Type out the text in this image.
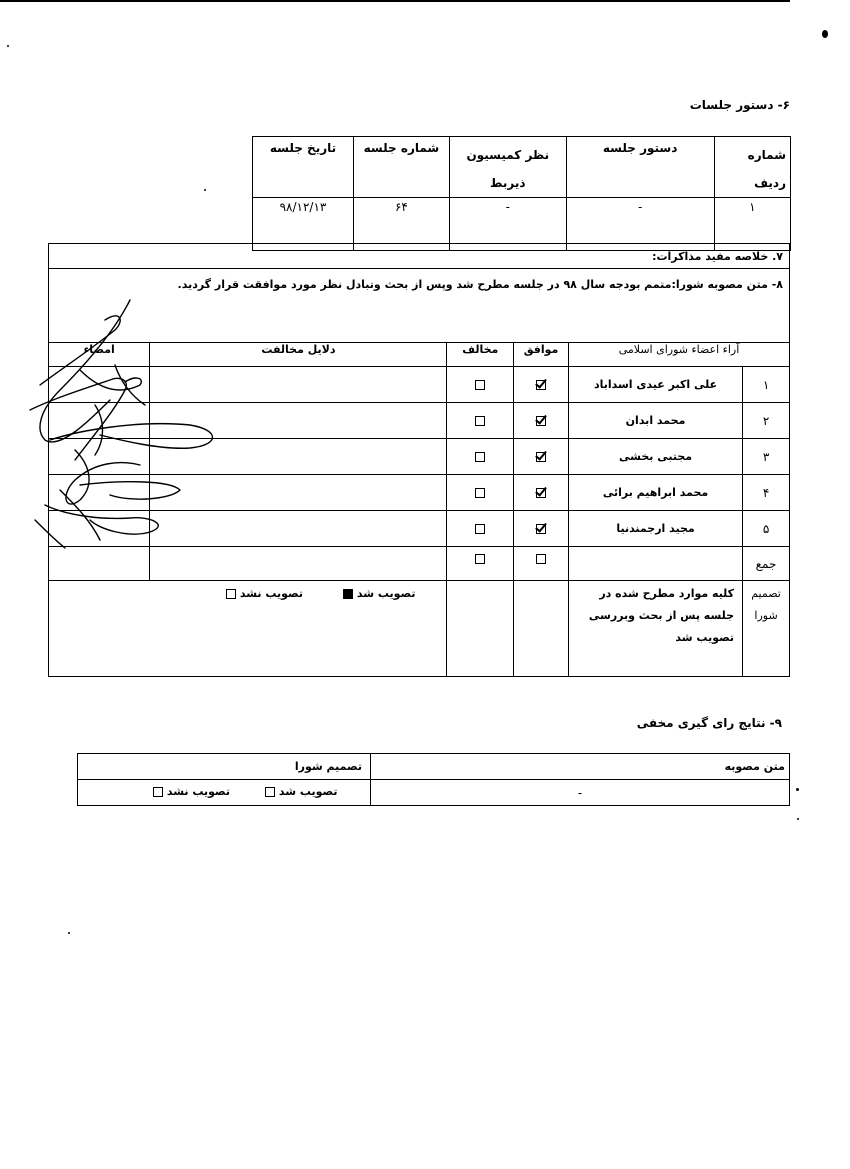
۶- دستور جلسات
تاریخ جلسه	شماره جلسه	نظر کمیسیون ذیربط	دستور جلسه	شماره ردیف
۹۸/۱۲/۱۳	۶۴	-	-	۱
۷. خلاصه مفید مذاکرات:
۸- متن مصوبه شورا:متمم بودجه سال ۹۸ در جلسه مطرح شد وپس از بحث وتبادل نظر مورد موافقت قرار گردید.
امضاء	دلایل مخالفت	مخالف	موافق	آراء اعضاء شورای اسلامی	
				علی اکبر عیدی اسداباد	۱
				محمد ابدان	۲
				مجتبی بخشی	۳
				محمد ابراهیم برائی	۴
				مجید ارجمندنیا	۵
					جمع

تصویب نشد تصویب شد				کلیه موارد مطرح شده در جلسه پس از بحث وبررسی تصویب شد	تصمیم شورا
۹- نتایج رای گیری مخفی
تصمیم شورا	متن مصوبه

تصویب نشد تصویب شد	-
